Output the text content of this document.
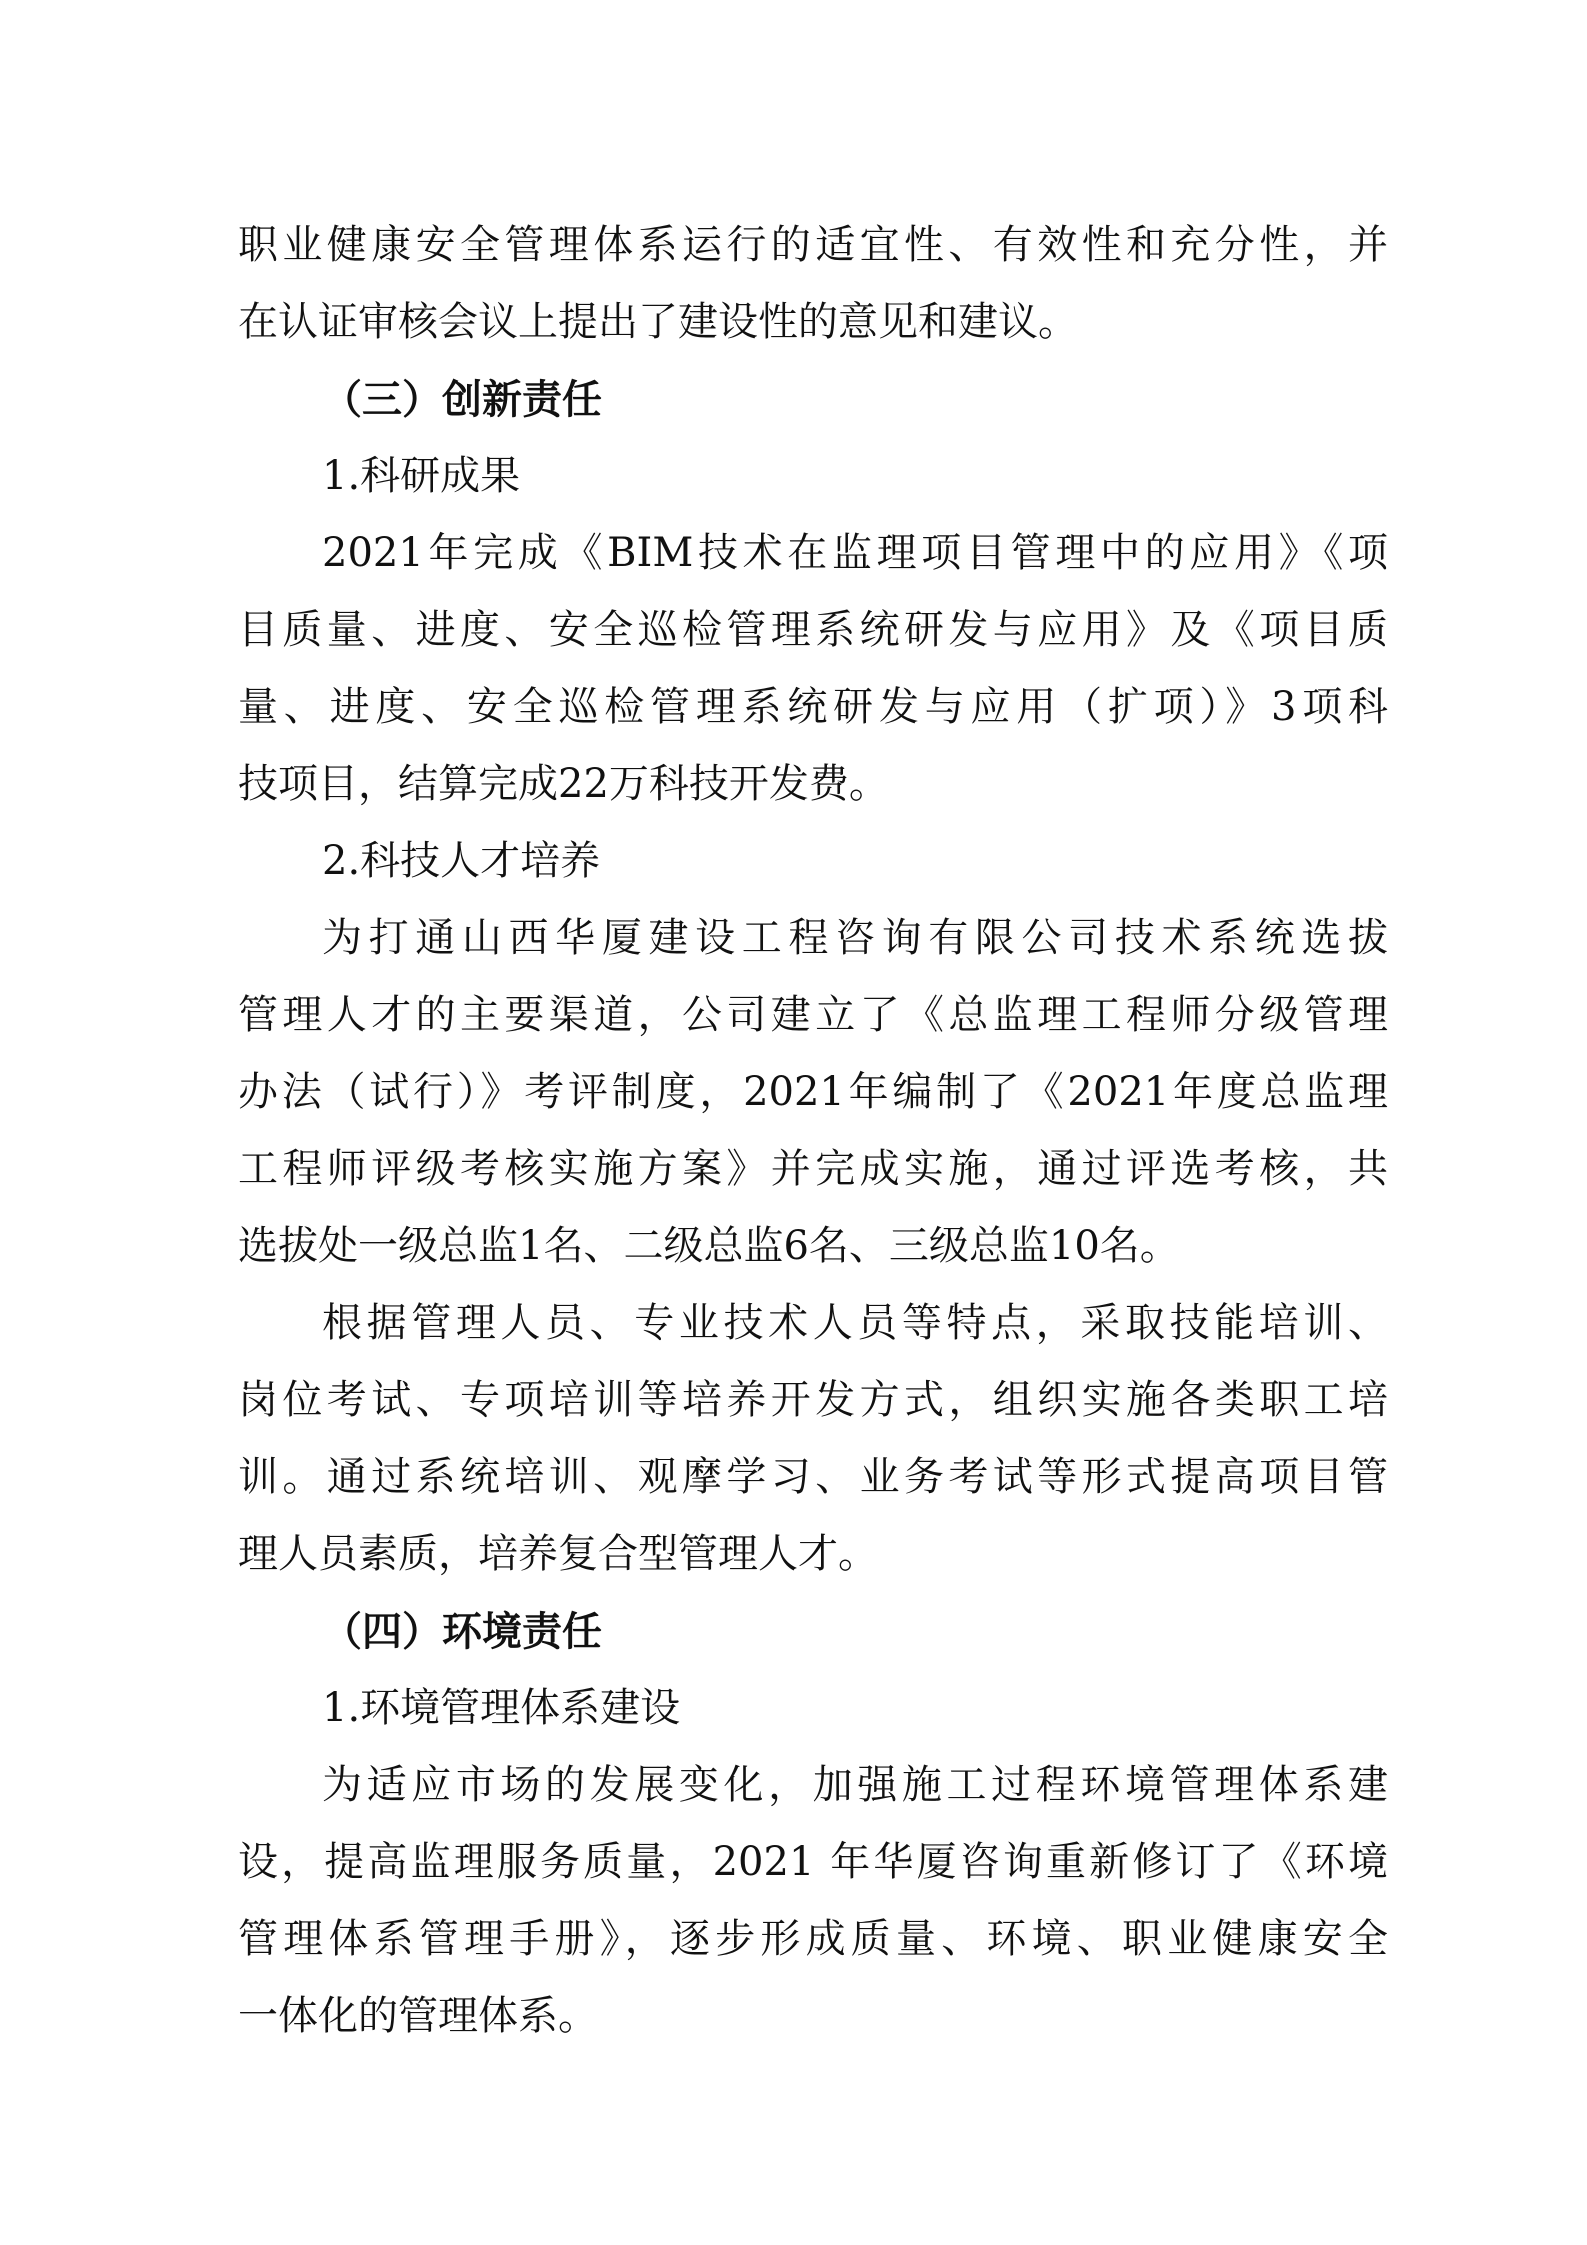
职业健康安全管理体系运行的适宜性、有效性和充分性，并
在认证审核会议上提出了建设性的意见和建议。
（三）创新责任
1.科研成果
2021年完成《BIM技术在监理项目管理中的应用》《项
目质量、进度、安全巡检管理系统研发与应用》及《项目质
量、进度、安全巡检管理系统研发与应用（扩项）》3项科
技项目，结算完成22万科技开发费。
2.科技人才培养
为打通山西华厦建设工程咨询有限公司技术系统选拔
管理人才的主要渠道，公司建立了《总监理工程师分级管理
办法（试行）》考评制度，2021年编制了《2021年度总监理
工程师评级考核实施方案》并完成实施，通过评选考核，共
选拔处一级总监1名、二级总监6名、三级总监10名。
根据管理人员、专业技术人员等特点，采取技能培训、
岗位考试、专项培训等培养开发方式，组织实施各类职工培
训。通过系统培训、观摩学习、业务考试等形式提高项目管
理人员素质，培养复合型管理人才。
（四）环境责任
1.环境管理体系建设
为适应市场的发展变化，加强施工过程环境管理体系建
设，提高监理服务质量，2021 年华厦咨询重新修订了《环境
管理体系管理手册》，逐步形成质量、环境、职业健康安全
一体化的管理体系。
